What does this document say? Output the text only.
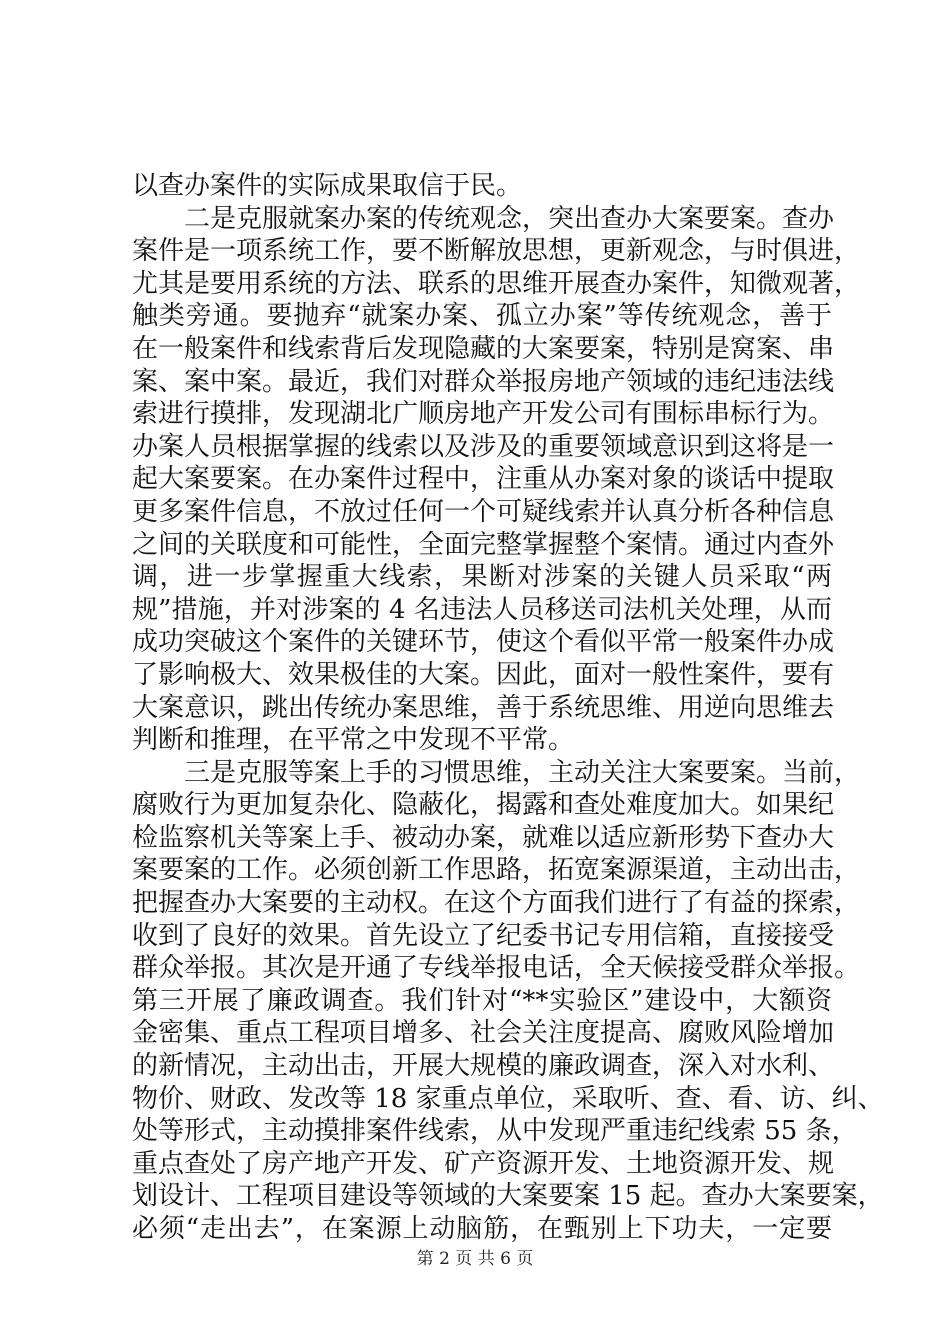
以查办案件的实际成果取信于民。
二是克服就案办案的传统观念，突出查办大案要案。查办
案件是一项系统工作，要不断解放思想，更新观念，与时俱进，
尤其是要用系统的方法、联系的思维开展查办案件，知微观著，
触类旁通。要抛弃“就案办案、孤立办案”等传统观念，善于
在一般案件和线索背后发现隐藏的大案要案，特别是窝案、串
案、案中案。最近，我们对群众举报房地产领域的违纪违法线
索进行摸排，发现湖北广顺房地产开发公司有围标串标行为。
办案人员根据掌握的线索以及涉及的重要领域意识到这将是一
起大案要案。在办案件过程中，注重从办案对象的谈话中提取
更多案件信息，不放过任何一个可疑线索并认真分析各种信息
之间的关联度和可能性，全面完整掌握整个案情。通过内查外
调，进一步掌握重大线索，果断对涉案的关键人员采取“两
规”措施，并对涉案的 4 名违法人员移送司法机关处理，从而
成功突破这个案件的关键环节，使这个看似平常一般案件办成
了影响极大、效果极佳的大案。因此，面对一般性案件，要有
大案意识，跳出传统办案思维，善于系统思维、用逆向思维去
判断和推理，在平常之中发现不平常。
三是克服等案上手的习惯思维，主动关注大案要案。当前，
腐败行为更加复杂化、隐蔽化，揭露和查处难度加大。如果纪
检监察机关等案上手、被动办案，就难以适应新形势下查办大
案要案的工作。必须创新工作思路，拓宽案源渠道，主动出击，
把握查办大案要的主动权。在这个方面我们进行了有益的探索，
收到了良好的效果。首先设立了纪委书记专用信箱，直接接受
群众举报。其次是开通了专线举报电话，全天候接受群众举报。
第三开展了廉政调查。我们针对“**实验区”建设中，大额资
金密集、重点工程项目增多、社会关注度提高、腐败风险增加
的新情况，主动出击，开展大规模的廉政调查，深入对水利、
物价、财政、发改等 18 家重点单位，采取听、查、看、访、纠、
处等形式，主动摸排案件线索，从中发现严重违纪线索 55 条，
重点查处了房产地产开发、矿产资源开发、土地资源开发、规
划设计、工程项目建设等领域的大案要案 15 起。查办大案要案，
必须“走出去”，在案源上动脑筋，在甄别上下功夫，一定要
第 2 页 共 6 页
